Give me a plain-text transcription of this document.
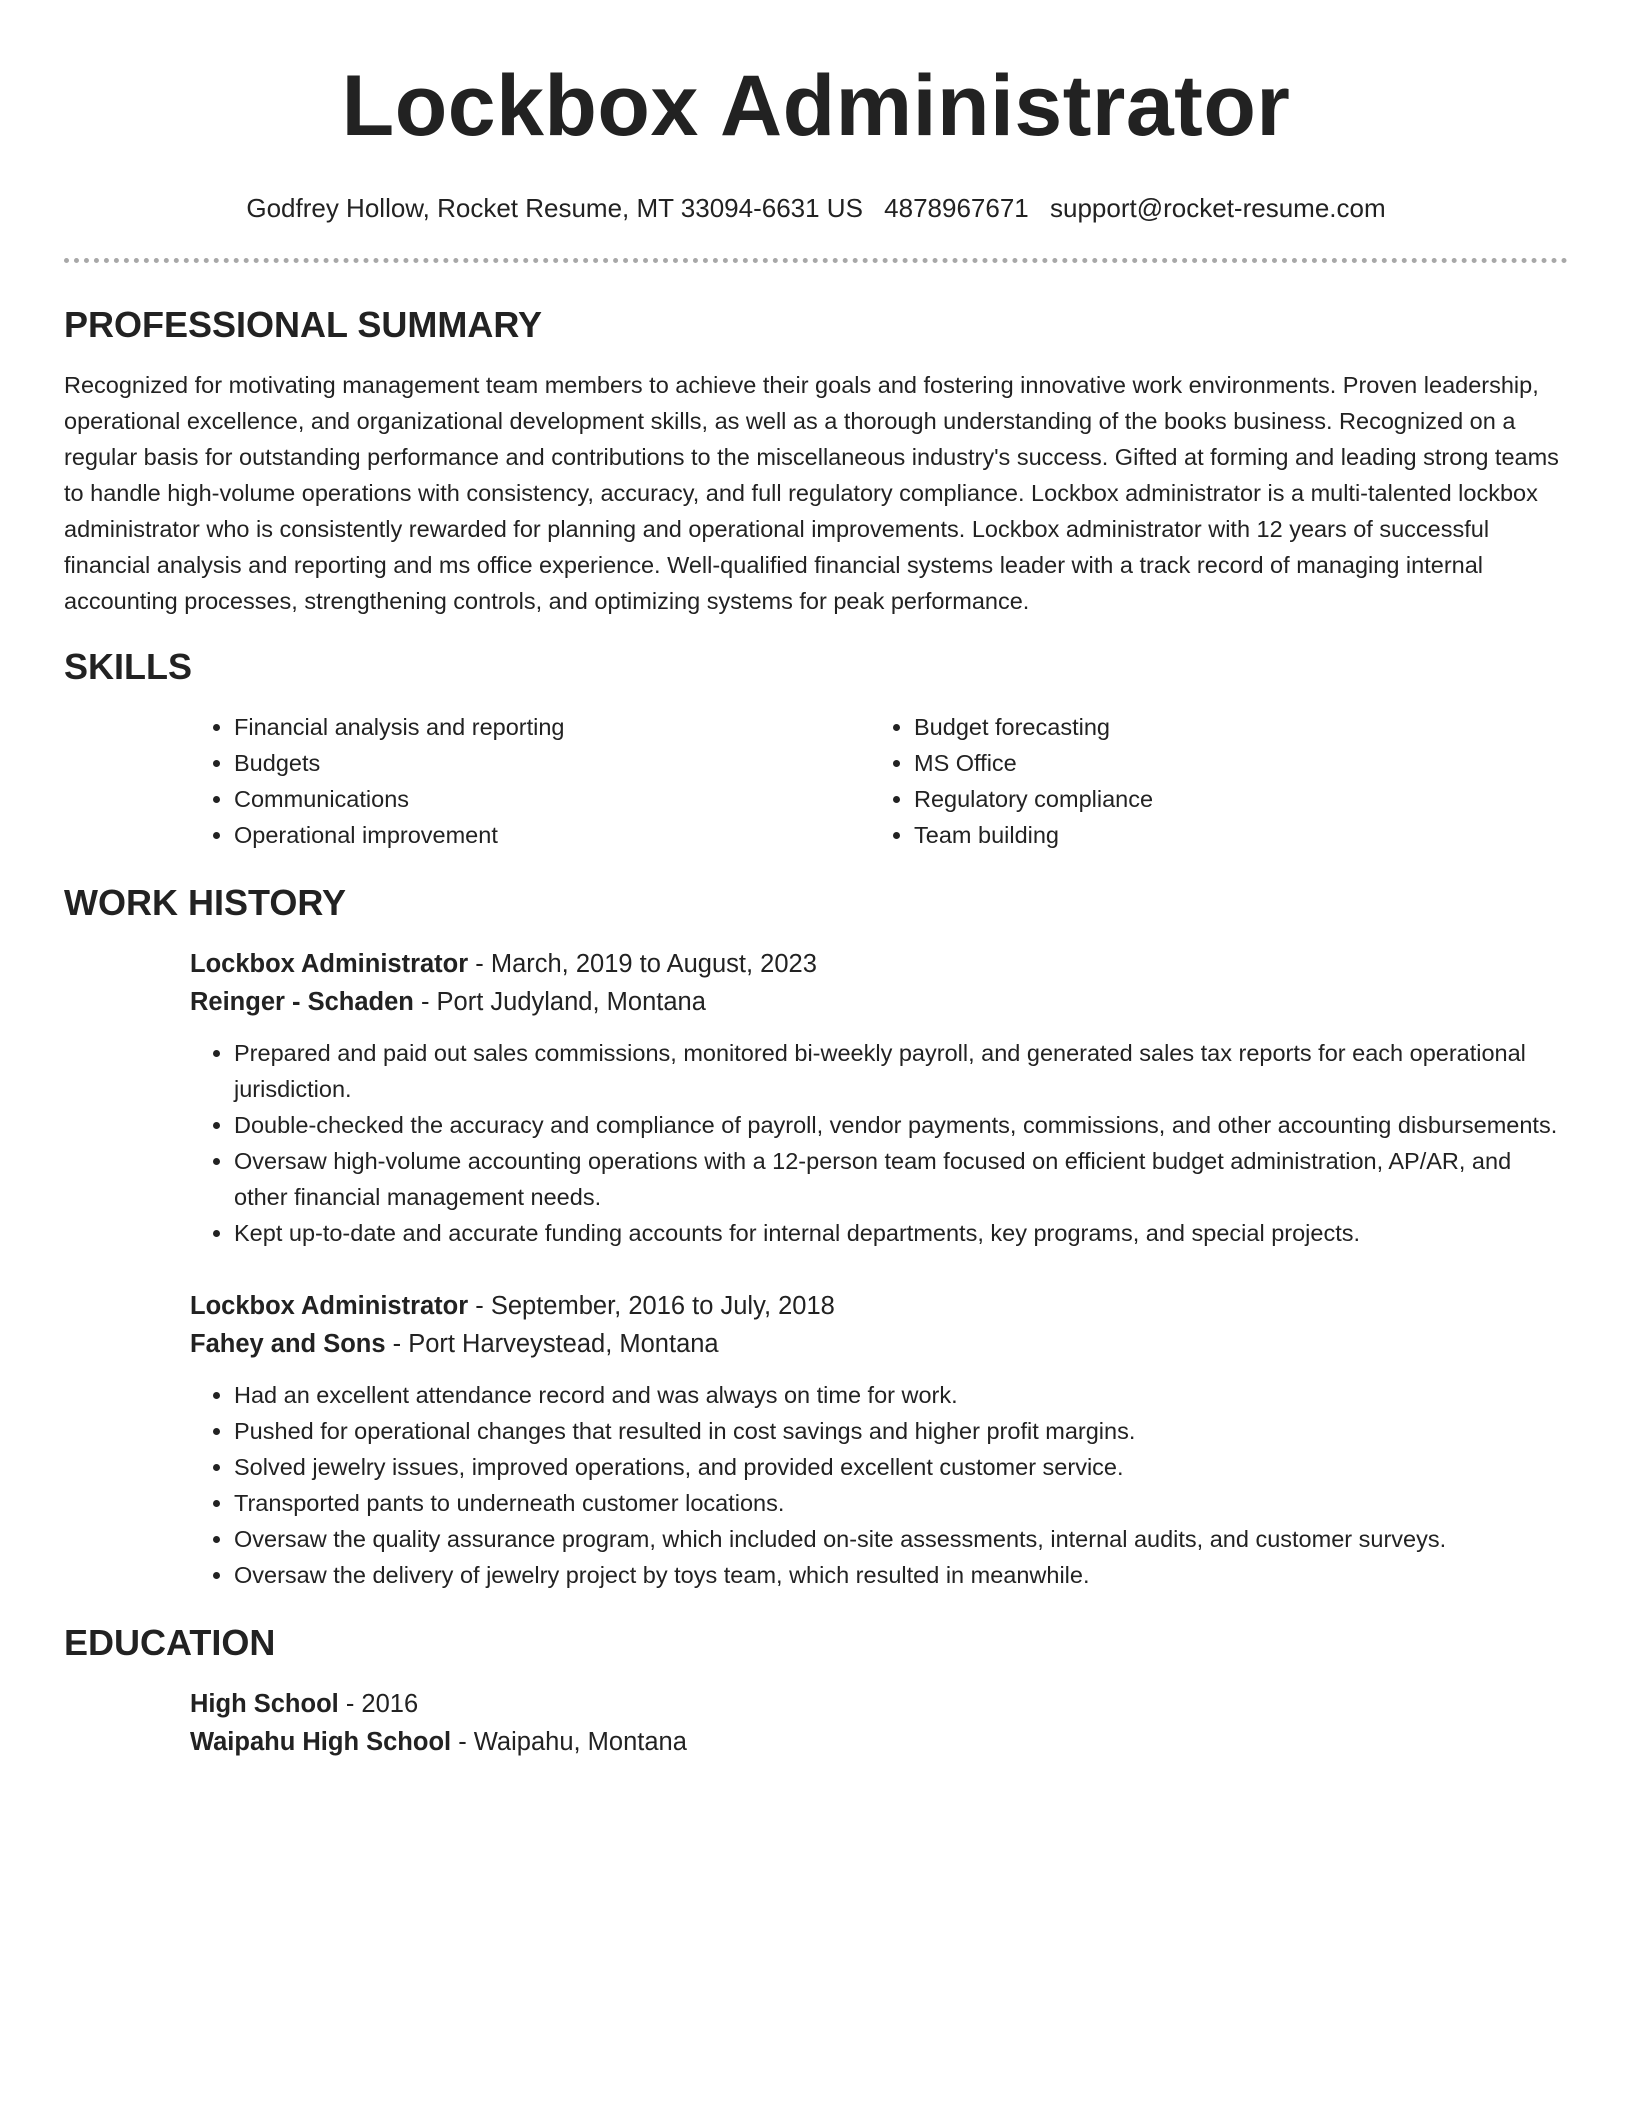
Lockbox Administrator
Godfrey Hollow, Rocket Resume, MT 33094-6631 US 4878967671 support@rocket-resume.com
PROFESSIONAL SUMMARY

Recognized for motivating management team members to achieve their goals and fostering innovative work environments. Proven leadership, operational excellence, and organizational development skills, as well as a thorough understanding of the books business. Recognized on a regular basis for outstanding performance and contributions to the miscellaneous industry's success. Gifted at forming and leading strong teams to handle high-volume operations with consistency, accuracy, and full regulatory compliance. Lockbox administrator is a multi-talented lockbox administrator who is consistently rewarded for planning and operational improvements. Lockbox administrator with 12 years of successful financial analysis and reporting and ms office experience. Well-qualified financial systems leader with a track record of managing internal accounting processes, strengthening controls, and optimizing systems for peak performance.

SKILLS
• Financial analysis and reporting
• Budgets
• Communications
• Operational improvement
• Budget forecasting
• MS Office
• Regulatory compliance
• Team building
WORK HISTORY
Lockbox Administrator - March, 2019 to August, 2023
Reinger - Schaden - Port Judyland, Montana
• Prepared and paid out sales commissions, monitored bi-weekly payroll, and generated sales tax reports for each operational jurisdiction.
• Double-checked the accuracy and compliance of payroll, vendor payments, commissions, and other accounting disbursements.
• Oversaw high-volume accounting operations with a 12-person team focused on efficient budget administration, AP/AR, and other financial management needs.
• Kept up-to-date and accurate funding accounts for internal departments, key programs, and special projects.
Lockbox Administrator - September, 2016 to July, 2018
Fahey and Sons - Port Harveystead, Montana
• Had an excellent attendance record and was always on time for work.
• Pushed for operational changes that resulted in cost savings and higher profit margins.
• Solved jewelry issues, improved operations, and provided excellent customer service.
• Transported pants to underneath customer locations.
• Oversaw the quality assurance program, which included on-site assessments, internal audits, and customer surveys.
• Oversaw the delivery of jewelry project by toys team, which resulted in meanwhile.
EDUCATION
High School - 2016
Waipahu High School - Waipahu, Montana
